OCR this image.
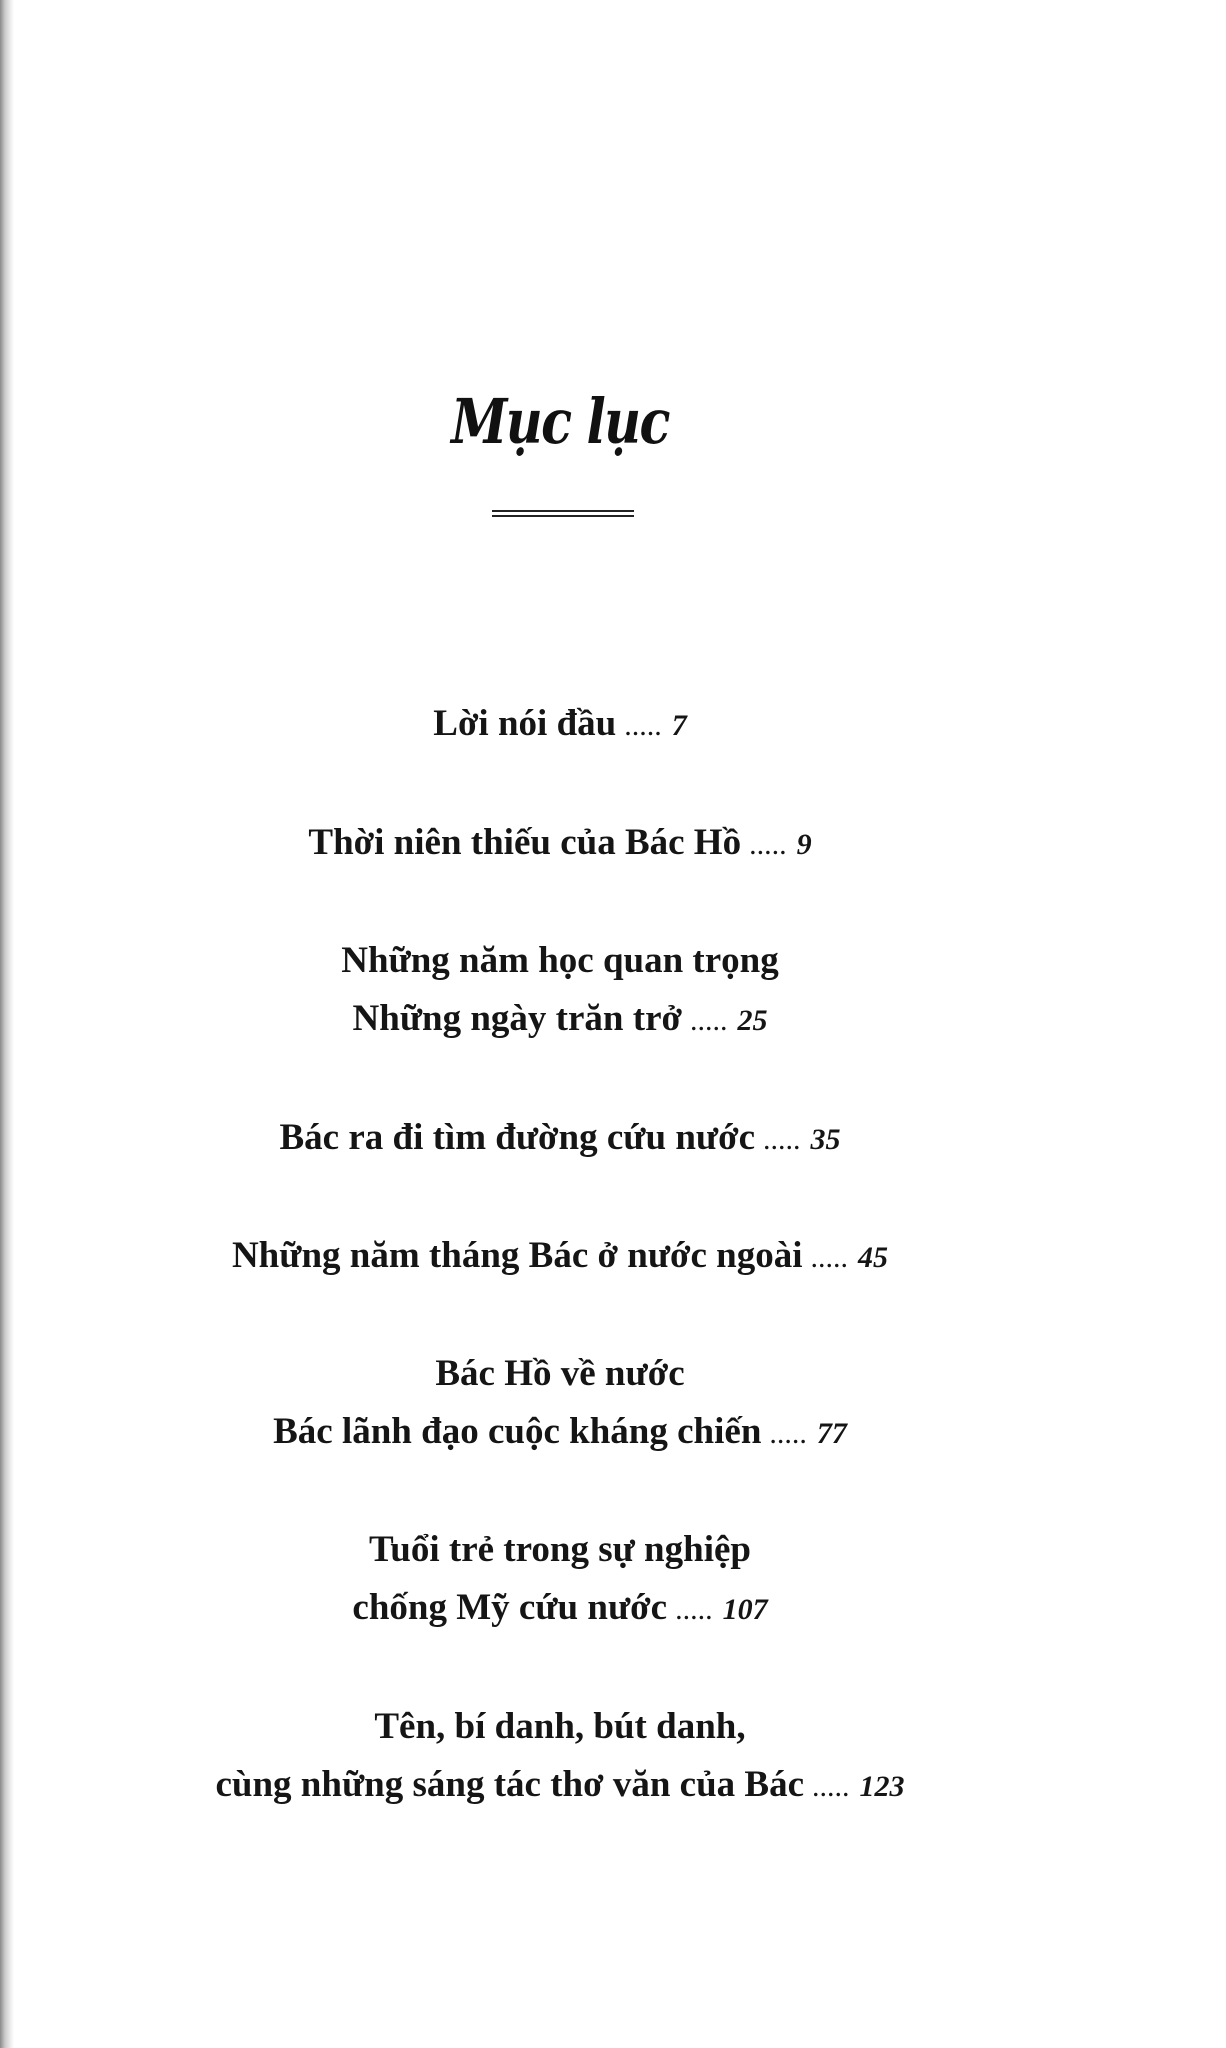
Mục lục
Lời nói đầu ..... 7
Thời niên thiếu của Bác Hồ ..... 9
Những năm học quan trọng
Những ngày trăn trở ..... 25
Bác ra đi tìm đường cứu nước ..... 35
Những năm tháng Bác ở nước ngoài ..... 45
Bác Hồ về nước
Bác lãnh đạo cuộc kháng chiến ..... 77
Tuổi trẻ trong sự nghiệp
chống Mỹ cứu nước ..... 107
Tên, bí danh, bút danh,
cùng những sáng tác thơ văn của Bác ..... 123
